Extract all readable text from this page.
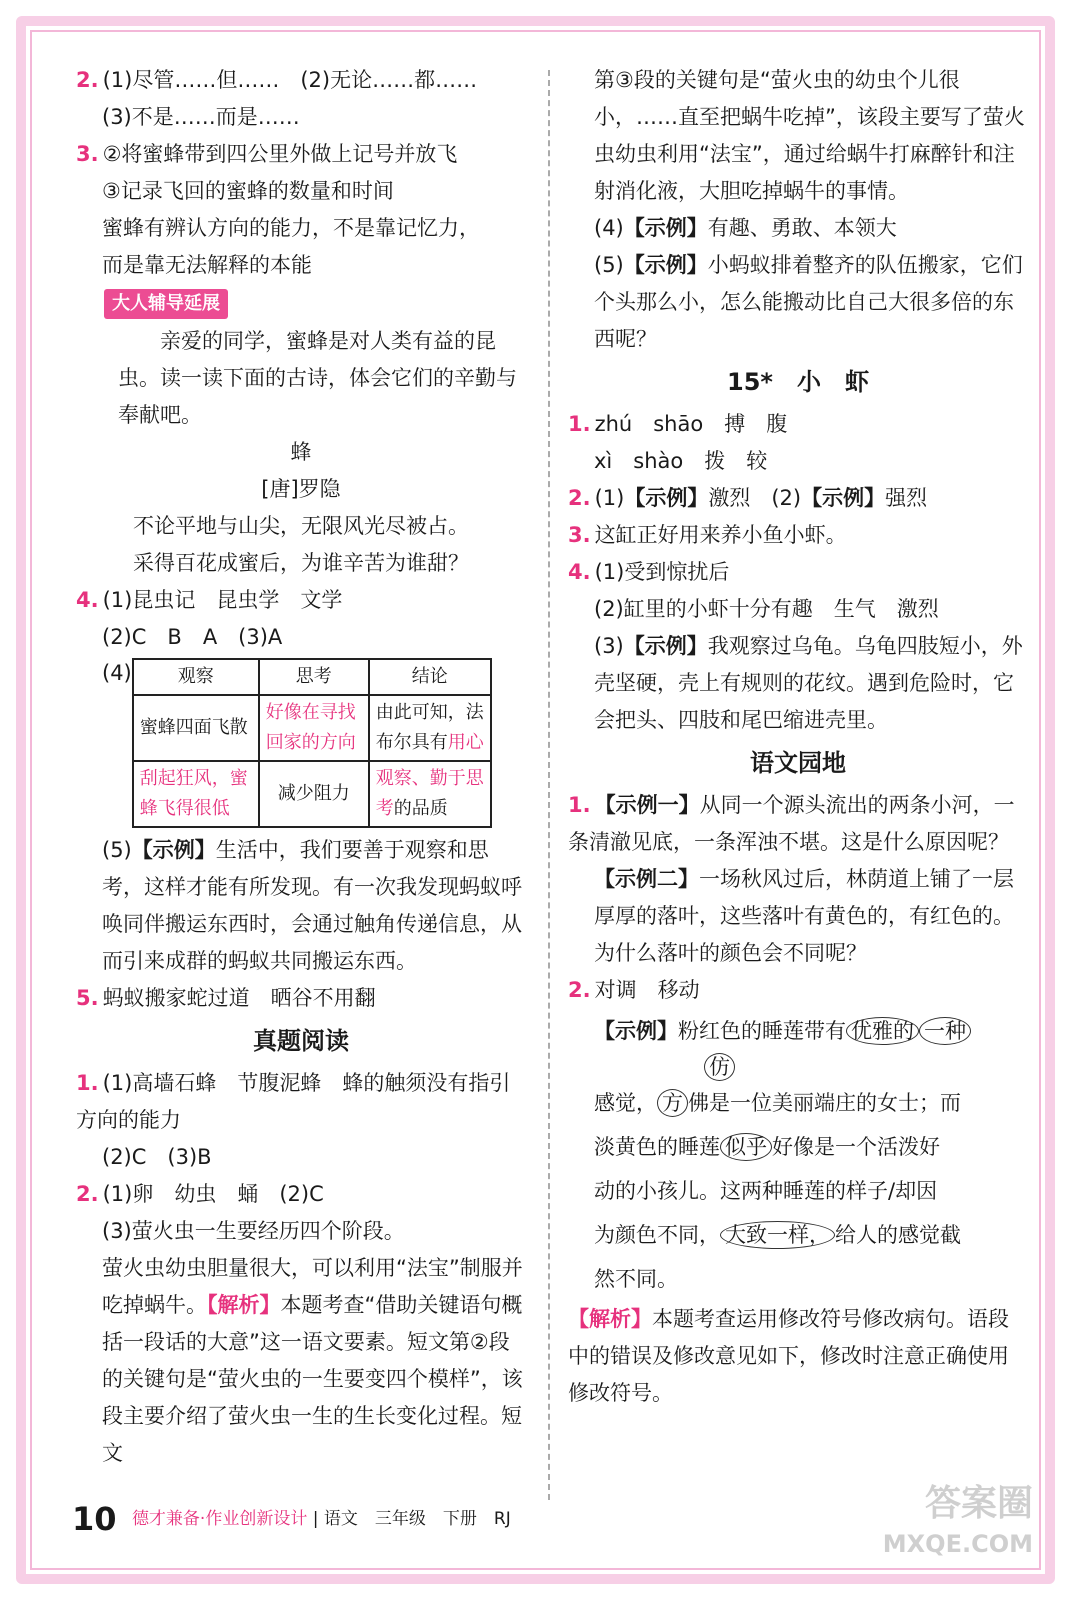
2. (1)尽管……但……　(2)无论……都……

(3)不是……而是……

3. ②将蜜蜂带到四公里外做上记号并放飞

③记录飞回的蜜蜂的数量和时间

蜜蜂有辨认方向的能力，不是靠记忆力，

而是靠无法解释的本能

大人辅导延展

亲爱的同学，蜜蜂是对人类有益的昆虫。读一读下面的古诗，体会它们的辛勤与奉献吧。

蜂

[唐]罗隐

不论平地与山尖，无限风光尽被占。

采得百花成蜜后，为谁辛苦为谁甜？

4. (1)昆虫记　昆虫学　文学

(2)C　B　A　(3)A

(4)	观察	思考	结论
蜜蜂四面飞散	好像在寻找回家的方向	由此可知，法布尔具有用心
刮起狂风，蜜蜂飞得很低	减少阻力	观察、勤于思考的品质

(5)【示例】生活中，我们要善于观察和思考，这样才能有所发现。有一次我发现蚂蚁呼唤同伴搬运东西时，会通过触角传递信息，从而引来成群的蚂蚁共同搬运东西。

5. 蚂蚁搬家蛇过道　晒谷不用翻

真题阅读

1. (1)高墙石蜂　节腹泥蜂　蜂的触须没有指引方向的能力

(2)C　(3)B

2. (1)卵　幼虫　蛹　(2)C

(3)萤火虫一生要经历四个阶段。

萤火虫幼虫胆量很大，可以利用“法宝”制服并吃掉蜗牛。【解析】本题考查“借助关键语句概括一段话的大意”这一语文要素。短文第②段的关键句是“萤火虫的一生要变四个模样”，该段主要介绍了萤火虫一生的生长变化过程。短文

第③段的关键句是“萤火虫的幼虫个儿很小，……直至把蜗牛吃掉”，该段主要写了萤火虫幼虫利用“法宝”，通过给蜗牛打麻醉针和注射消化液，大胆吃掉蜗牛的事情。

(4)【示例】有趣、勇敢、本领大

(5)【示例】小蚂蚁排着整齐的队伍搬家，它们个头那么小，怎么能搬动比自己大很多倍的东西呢？

15*　小　虾

1. zhú　shāo　搏　腹

xì　shào　拨　较

2. (1)【示例】激烈　(2)【示例】强烈

3. 这缸正好用来养小鱼小虾。

4. (1)受到惊扰后

(2)缸里的小虾十分有趣　生气　激烈

(3)【示例】我观察过乌龟。乌龟四肢短小，外壳坚硬，壳上有规则的花纹。遇到危险时，它会把头、四肢和尾巴缩进壳里。

语文园地

1. 【示例一】从同一个源头流出的两条小河，一条清澈见底，一条浑浊不堪。这是什么原因呢？

【示例二】一场秋风过后，林荫道上铺了一层厚厚的落叶，这些落叶有黄色的，有红色的。为什么落叶的颜色会不同呢？

2. 对调　移动

【示例】粉红色的睡莲带有 优雅的 一种
仿
感觉， 方 佛是一位美丽端庄的女士；而
淡黄色的睡莲 似乎 好像是一个活泼好
动的小孩儿。这两种睡莲的样子/却因
为颜色不同， 大致一样， 给人的感觉截
然不同。

【解析】本题考查运用修改符号修改病句。语段中的错误及修改意见如下，修改时注意正确使用修改符号。

10 德才兼备·作业创新设计 | 语文　三年级　下册　RJ	答案圈
MXQE.COM
